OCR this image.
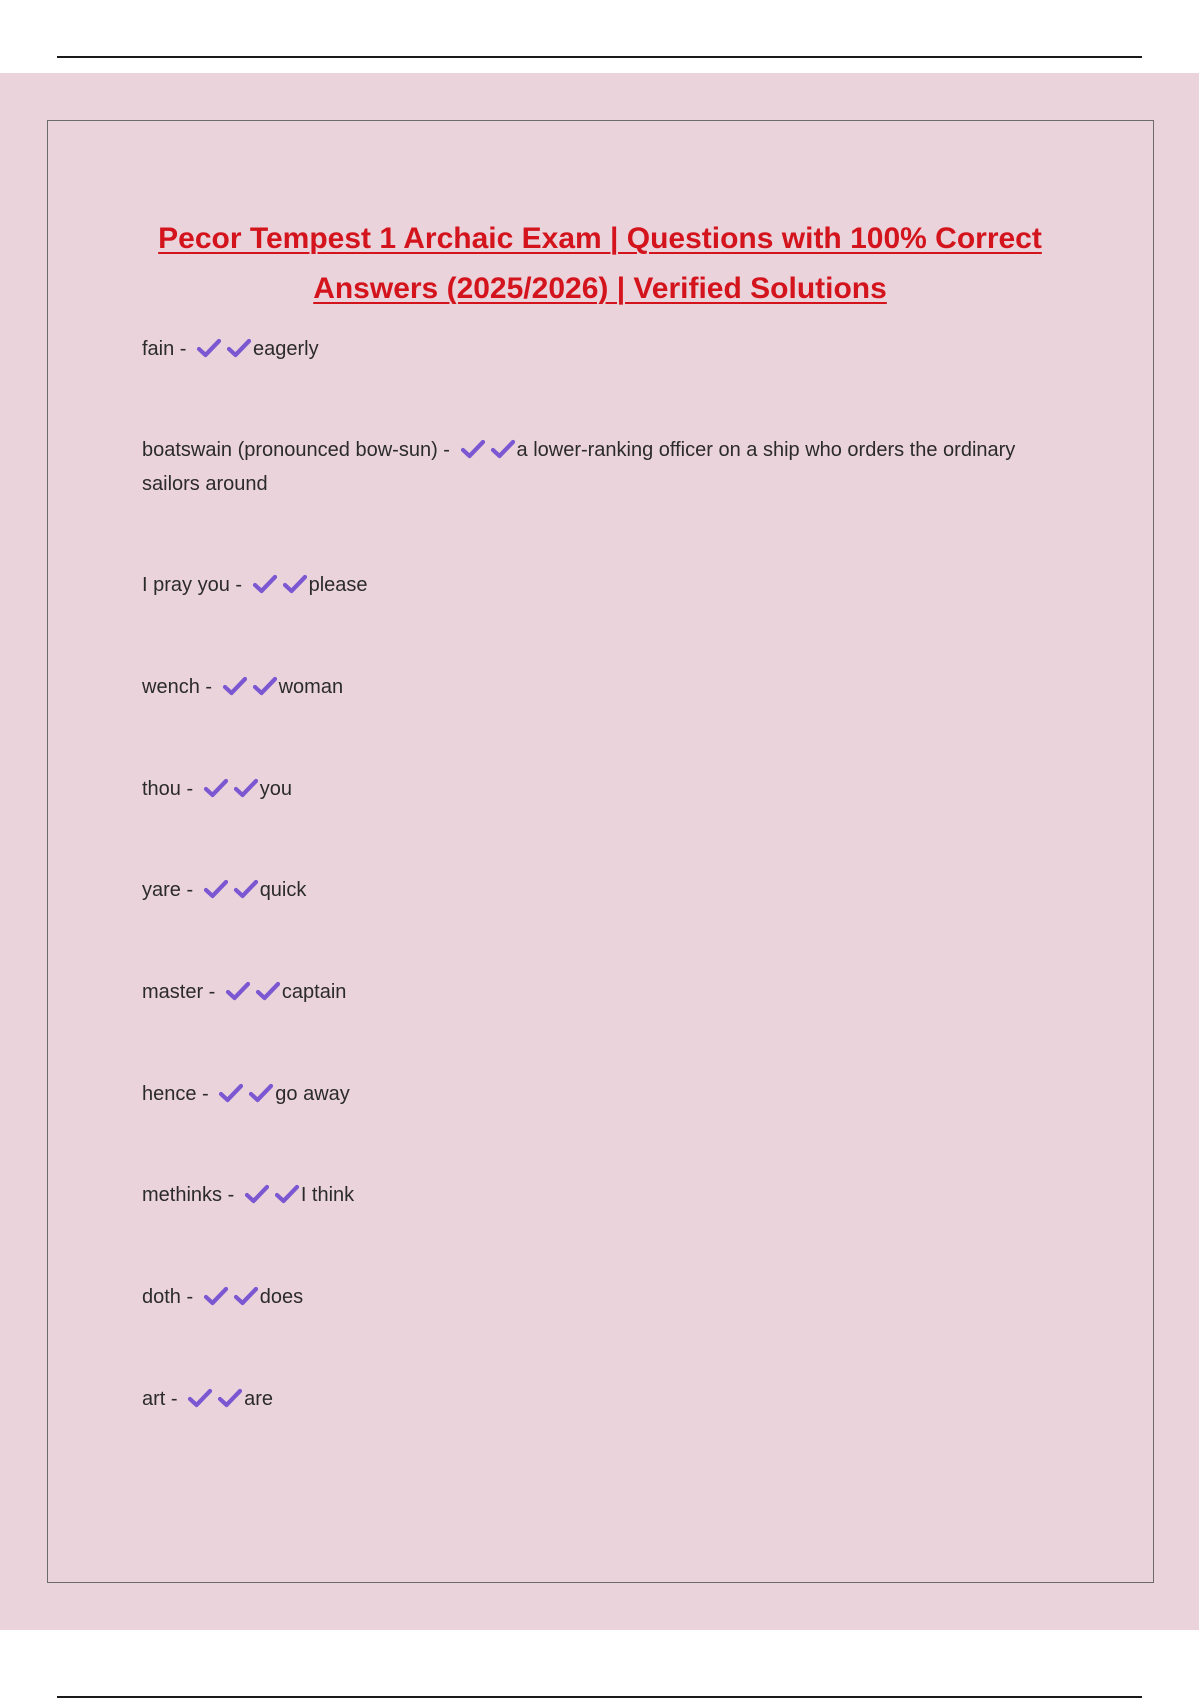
Pecor Tempest 1 Archaic Exam | Questions with 100% Correct Answers (2025/2026) | Verified Solutions
fain -	eagerly
boatswain (pronounced bow-sun) -	a lower-ranking officer on a ship who orders the ordinary sailors around
I pray you -	please
wench -	woman
thou -	you
yare -	quick
master -	captain
hence -	go away
methinks -	I think
doth -	does
art -	are
